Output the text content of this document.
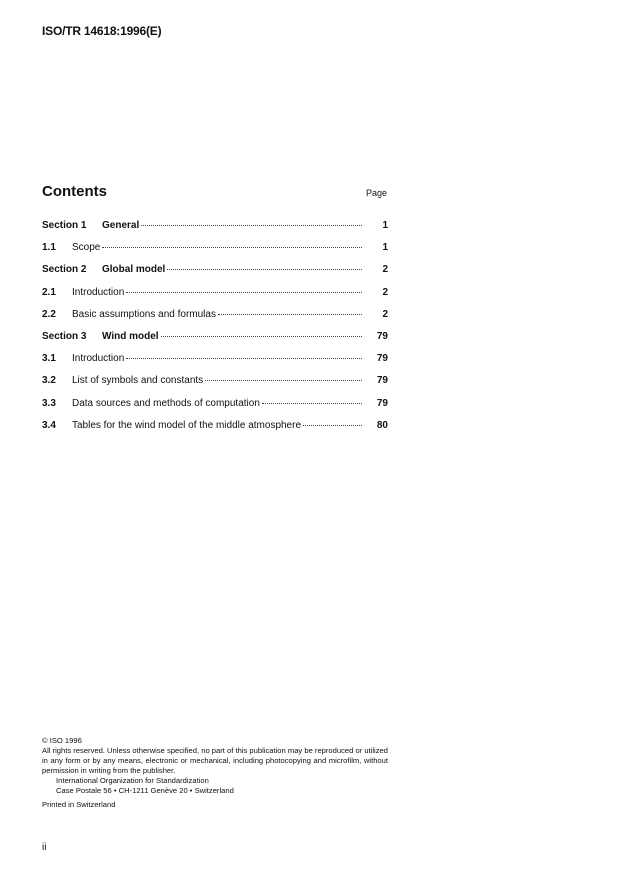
ISO/TR 14618:1996(E)
Contents	Page
Section 1	General	1
1.1	Scope	1
Section 2	Global model	2
2.1	Introduction	2
2.2	Basic assumptions and formulas	2
Section 3	Wind model	79
3.1	Introduction	79
3.2	List of symbols and constants	79
3.3	Data sources and methods of computation	79
3.4	Tables for the wind model of the middle atmosphere	80
© ISO 1996
All rights reserved. Unless otherwise specified, no part of this publication may be reproduced or utilized in any form or by any means, electronic or mechanical, including photocopying and microfilm, without permission in writing from the publisher.
International Organization for Standardization
Case Postale 56 • CH-1211 Genève 20 • Switzerland
Printed in Switzerland
ii
